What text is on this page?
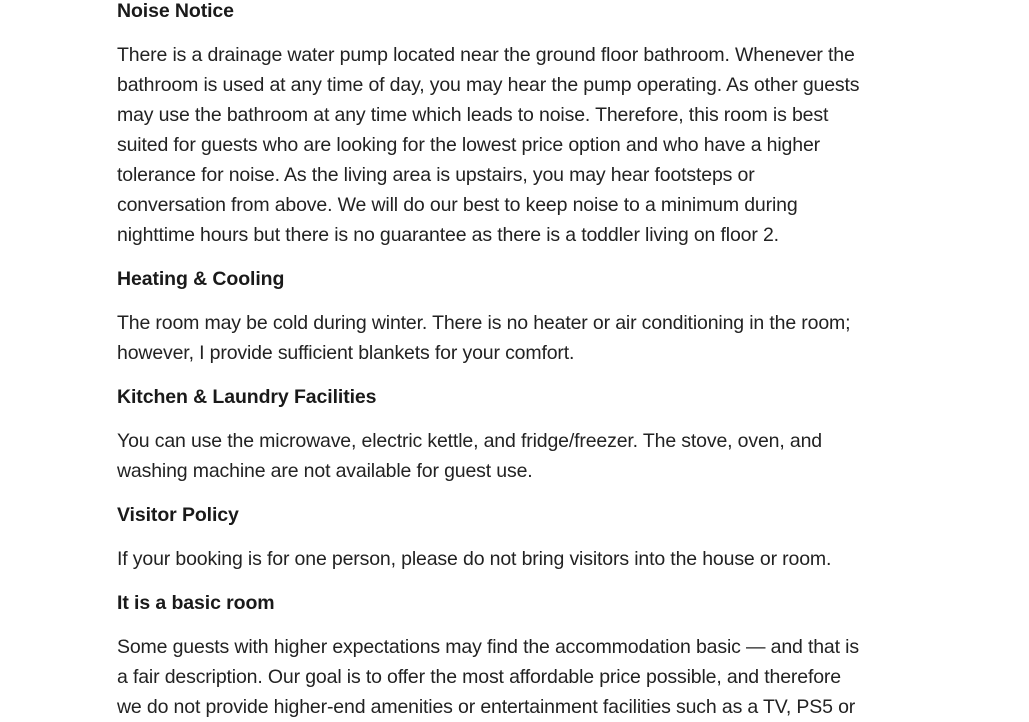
Noise Notice

There is a drainage water pump located near the ground floor bathroom. Whenever the

bathroom is used at any time of day, you may hear the pump operating. As other guests

may use the bathroom at any time which leads to noise. Therefore, this room is best

suited for guests who are looking for the lowest price option and who have a higher

tolerance for noise. As the living area is upstairs, you may hear footsteps or

conversation from above. We will do our best to keep noise to a minimum during

nighttime hours but there is no guarantee as there is a toddler living on floor 2.

Heating & Cooling

The room may be cold during winter. There is no heater or air conditioning in the room;

however, I provide sufficient blankets for your comfort.

Kitchen & Laundry Facilities

You can use the microwave, electric kettle, and fridge/freezer. The stove, oven, and

washing machine are not available for guest use.

Visitor Policy

If your booking is for one person, please do not bring visitors into the house or room.

It is a basic room

Some guests with higher expectations may find the accommodation basic — and that is

a fair description. Our goal is to offer the most affordable price possible, and therefore

we do not provide higher-end amenities or entertainment facilities such as a TV, PS5 or
